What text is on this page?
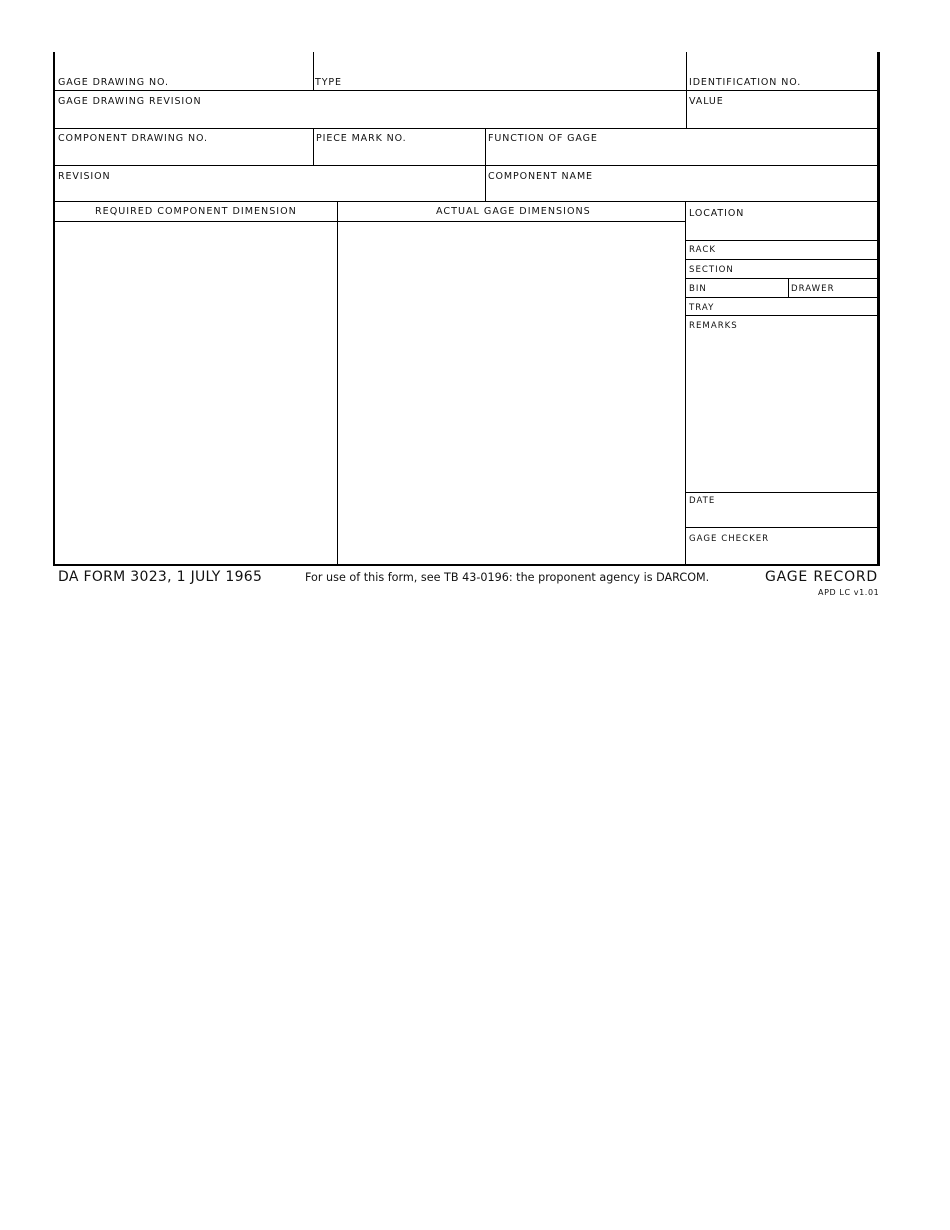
GAGE DRAWING NO.	TYPE	IDENTIFICATION NO.
GAGE DRAWING REVISION	VALUE
COMPONENT DRAWING NO.	PIECE MARK NO.	FUNCTION OF GAGE
REVISION	COMPONENT NAME
REQUIRED COMPONENT DIMENSION	ACTUAL GAGE DIMENSIONS	LOCATION
RACK
SECTION
BIN	DRAWER
TRAY
REMARKS
DATE
GAGE CHECKER
DA FORM 3023, 1 JULY 1965	For use of this form, see TB 43-0196: the proponent agency is DARCOM.	GAGE RECORD
APD LC v1.01
